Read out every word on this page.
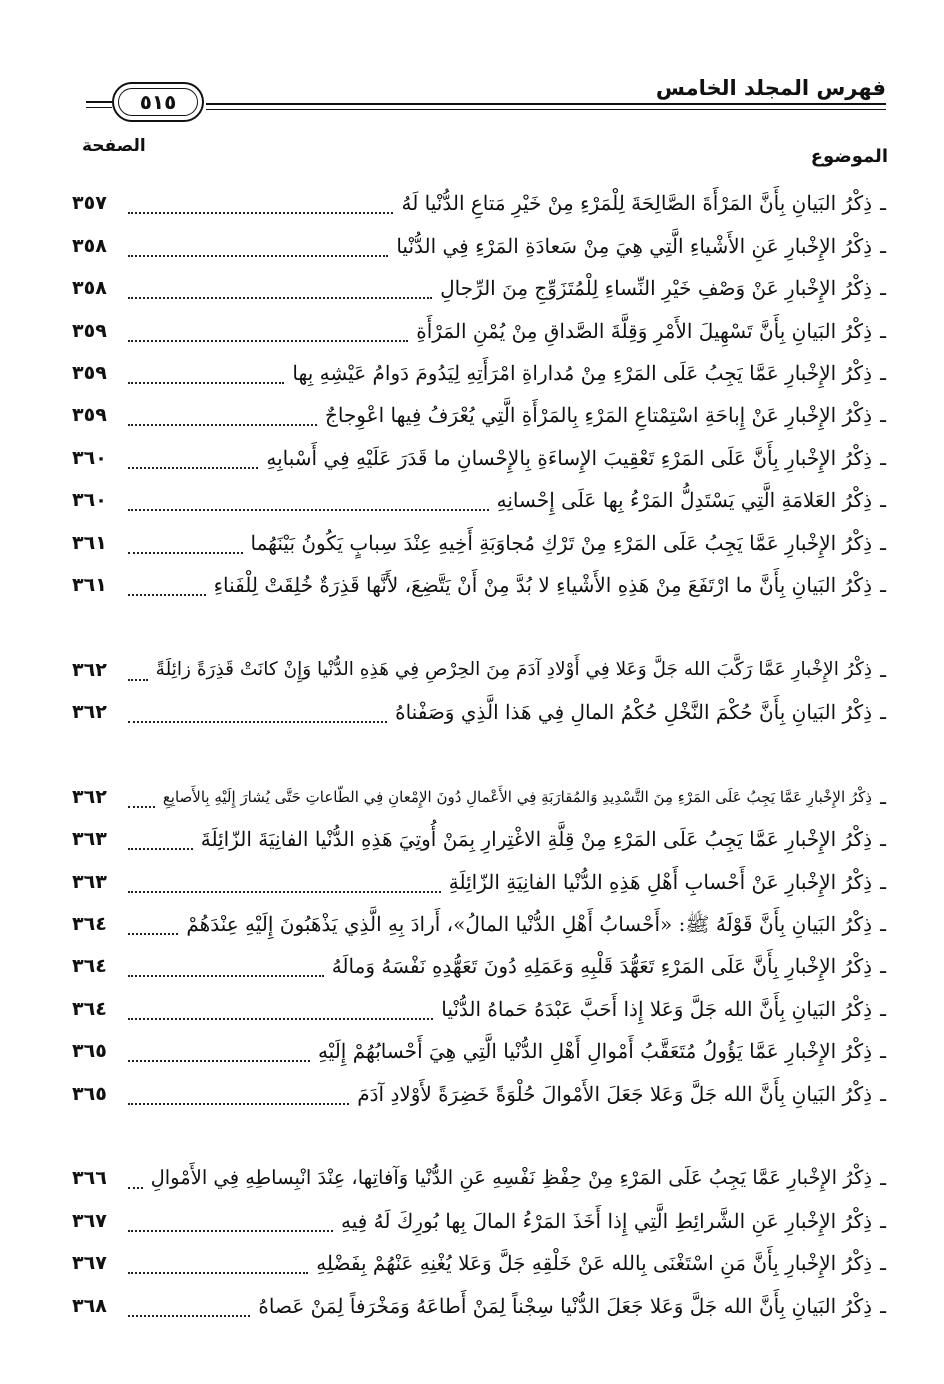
فهرس المجلد الخامس
٥١٥
الموضوع
الصفحة
ـ
ذِكْرُ البَيانِ بِأَنَّ المَرْأَةَ الصَّالِحَةَ لِلْمَرْءِ مِنْ خَيْرِ مَتاعِ الدُّنْيا لَهُ
٣٥٧
ـ
ذِكْرُ الإِخْبارِ عَنِ الأَشْياءِ الَّتِي هِيَ مِنْ سَعادَةِ المَرْءِ فِي الدُّنْيا
٣٥٨
ـ
ذِكْرُ الإِخْبارِ عَنْ وَصْفِ خَيْرِ النِّساءِ لِلْمُتَزَوِّجِ مِنَ الرِّجالِ
٣٥٨
ـ
ذِكْرُ البَيانِ بِأَنَّ تَسْهِيلَ الأَمْرِ وَقِلَّةَ الصَّداقِ مِنْ يُمْنِ المَرْأَةِ
٣٥٩
ـ
ذِكْرُ الإِخْبارِ عَمَّا يَجِبُ عَلَى المَرْءِ مِنْ مُداراةِ امْرَأَتِهِ لِيَدُومَ دَوامُ عَيْشِهِ بِها
٣٥٩
ـ
ذِكْرُ الإِخْبارِ عَنْ إِباحَةِ اسْتِمْتاعِ المَرْءِ بِالمَرْأَةِ الَّتِي يُعْرَفُ فِيها اعْوِجاجٌ
٣٥٩
ـ
ذِكْرُ الإِخْبارِ بِأَنَّ عَلَى المَرْءِ تَعْقِيبَ الإِساءَةِ بِالإِحْسانِ ما قَدَرَ عَلَيْهِ فِي أَسْبابِهِ
٣٦٠
ـ
ذِكْرُ العَلامَةِ الَّتِي يَسْتَدِلُّ المَرْءُ بِها عَلَى إِحْسانِهِ
٣٦٠
ـ
ذِكْرُ الإِخْبارِ عَمَّا يَجِبُ عَلَى المَرْءِ مِنْ تَرْكِ مُجاوَبَةِ أَخِيهِ عِنْدَ سِبابٍ يَكُونُ بَيْنَهُما
٣٦١
ـ
ذِكْرُ البَيانِ بِأَنَّ ما ارْتَفَعَ مِنْ هَذِهِ الأَشْياءِ لا بُدَّ مِنْ أَنْ يَتَّضِعَ، لأَنَّها قَذِرَةٌ خُلِقَتْ لِلْفَناءِ
٣٦١
ـ
ذِكْرُ الإِخْبارِ عَمَّا رَكَّبَ الله جَلَّ وَعَلا فِي أَوْلادِ آدَمَ مِنَ الحِرْصِ فِي هَذِهِ الدُّنْيا وَإِنْ كانَتْ قَذِرَةً زائِلَةً
٣٦٢
ـ
ذِكْرُ البَيانِ بِأَنَّ حُكْمَ النَّخْلِ حُكْمُ المالِ فِي هَذا الَّذِي وَصَفْناهُ
٣٦٢
ـ
ذِكْرُ الإِخْبارِ عَمَّا يَجِبُ عَلَى المَرْءِ مِنَ التَّسْدِيدِ وَالمُقارَبَةِ فِي الأَعْمالِ دُونَ الإِمْعانِ فِي الطّاعاتِ حَتَّى يُشارَ إِلَيْهِ بِالأَصابِعِ
٣٦٢
ـ
ذِكْرُ الإِخْبارِ عَمَّا يَجِبُ عَلَى المَرْءِ مِنْ قِلَّةِ الاغْتِرارِ بِمَنْ أُوتِيَ هَذِهِ الدُّنْيا الفانِيَةَ الزّائِلَةَ
٣٦٣
ـ
ذِكْرُ الإِخْبارِ عَنْ أَحْسابِ أَهْلِ هَذِهِ الدُّنْيا الفانِيَةِ الزّائِلَةِ
٣٦٣
ـ
ذِكْرُ البَيانِ بِأَنَّ قَوْلَهُ ﷺ: «أَحْسابُ أَهْلِ الدُّنْيا المالُ»، أَرادَ بِهِ الَّذِي يَذْهَبُونَ إِلَيْهِ عِنْدَهُمْ
٣٦٤
ـ
ذِكْرُ الإِخْبارِ بِأَنَّ عَلَى المَرْءِ تَعَهُّدَ قَلْبِهِ وَعَمَلِهِ دُونَ تَعَهُّدِهِ نَفْسَهُ وَمالَهُ
٣٦٤
ـ
ذِكْرُ البَيانِ بِأَنَّ الله جَلَّ وَعَلا إِذا أَحَبَّ عَبْدَهُ حَماهُ الدُّنْيا
٣٦٤
ـ
ذِكْرُ الإِخْبارِ عَمَّا يَؤُولُ مُتَعَقَّبُ أَمْوالِ أَهْلِ الدُّنْيا الَّتِي هِيَ أَحْسابُهُمْ إِلَيْهِ
٣٦٥
ـ
ذِكْرُ البَيانِ بِأَنَّ الله جَلَّ وَعَلا جَعَلَ الأَمْوالَ حُلْوَةً خَضِرَةً لأَوْلادِ آدَمَ
٣٦٥
ـ
ذِكْرُ الإِخْبارِ عَمَّا يَجِبُ عَلَى المَرْءِ مِنْ حِفْظِ نَفْسِهِ عَنِ الدُّنْيا وَآفاتِها، عِنْدَ انْبِساطِهِ فِي الأَمْوالِ
٣٦٦
ـ
ذِكْرُ الإِخْبارِ عَنِ الشَّرائِطِ الَّتِي إِذا أَخَذَ المَرْءُ المالَ بِها بُورِكَ لَهُ فِيهِ
٣٦٧
ـ
ذِكْرُ الإِخْبارِ بِأَنَّ مَنِ اسْتَغْنَى بِالله عَنْ خَلْقِهِ جَلَّ وَعَلا يُغْنِهِ عَنْهُمْ بِفَضْلِهِ
٣٦٧
ـ
ذِكْرُ البَيانِ بِأَنَّ الله جَلَّ وَعَلا جَعَلَ الدُّنْيا سِجْناً لِمَنْ أَطاعَهُ وَمَخْرَفاً لِمَنْ عَصاهُ
٣٦٨
